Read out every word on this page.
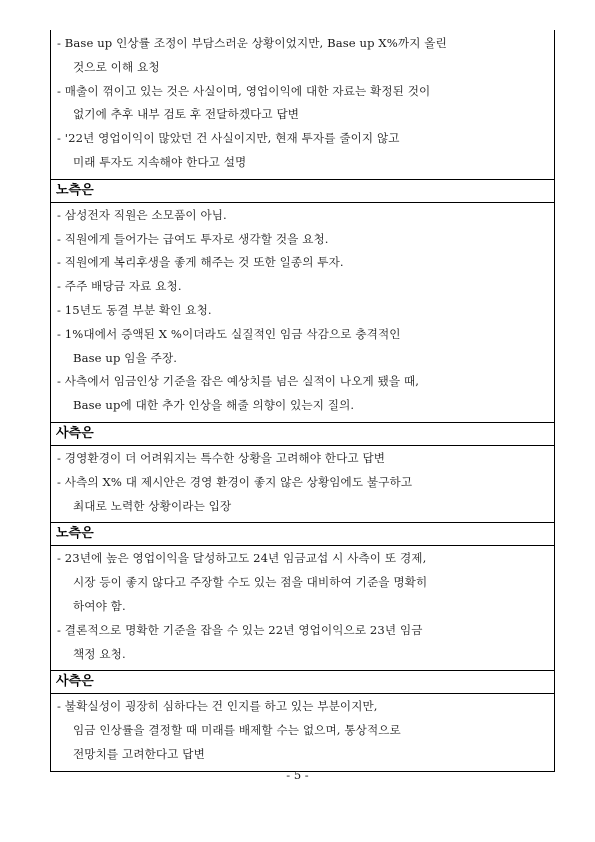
- Base up 인상률 조정이 부담스러운 상황이었지만, Base up X%까지 올린
것으로 이해 요청
- 매출이 꺾이고 있는 것은 사실이며, 영업이익에 대한 자료는 확정된 것이
없기에 추후 내부 검토 후 전달하겠다고 답변
- '22년 영업이익이 많았던 건 사실이지만, 현재 투자를 줄이지 않고
미래 투자도 지속해야 한다고 설명
노측은
- 삼성전자 직원은 소모품이 아님.
- 직원에게 들어가는 급여도 투자로 생각할 것을 요청.
- 직원에게 복리후생을 좋게 해주는 것 또한 일종의 투자.
- 주주 배당금 자료 요청.
- 15년도 동결 부분 확인 요청.
- 1%대에서 증액된 X %이더라도 실질적인 임금 삭감으로 충격적인
Base up 임을 주장.
- 사측에서 임금인상 기준을 잡은 예상치를 넘은 실적이 나오게 됐을 때,
Base up에 대한 추가 인상을 해줄 의향이 있는지 질의.
사측은
- 경영환경이 더 어려워지는 특수한 상황을 고려해야 한다고 답변
- 사측의 X% 대 제시안은 경영 환경이 좋지 않은 상황임에도 불구하고
최대로 노력한 상황이라는 입장
노측은
- 23년에 높은 영업이익을 달성하고도 24년 임금교섭 시 사측이 또 경제,
시장 등이 좋지 않다고 주장할 수도 있는 점을 대비하여 기준을 명확히
하여야 함.
- 결론적으로 명확한 기준을 잡을 수 있는 22년 영업이익으로 23년 임금
책정 요청.
사측은
- 불확실성이 굉장히 심하다는 건 인지를 하고 있는 부분이지만,
임금 인상률을 결정할 때 미래를 배제할 수는 없으며, 통상적으로
전망치를 고려한다고 답변
- 5 -
